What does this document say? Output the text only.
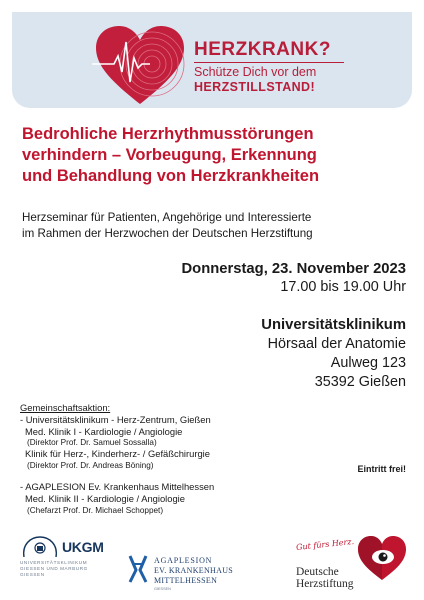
HERZKRANK?
Schütze Dich vor dem
HERZSTILLSTAND!
Bedrohliche Herzrhythmusstörungen
verhindern – Vorbeugung, Erkennung
und Behandlung von Herzkrankheiten
Herzseminar für Patienten, Angehörige und Interessierte
im Rahmen der Herzwochen der Deutschen Herzstiftung
Donnerstag, 23. November 2023
17.00 bis 19.00 Uhr
Universitätsklinikum
Hörsaal der Anatomie
Aulweg 123
35392 Gießen
Gemeinschaftsaktion:
- Universitätsklinikum - Herz-Zentrum, Gießen
Med. Klinik I - Kardiologie / Angiologie
(Direktor Prof. Dr. Samuel Sossalla)
Klinik für Herz-, Kinderherz- / Gefäßchirurgie
(Direktor Prof. Dr. Andreas Böning)
- AGAPLESION Ev. Krankenhaus Mittelhessen
Med. Klinik II - Kardiologie / Angiologie
(Chefarzt Prof. Dr. Michael Schoppet)
Eintritt frei!
UKGM
UNIVERSITÄTSKLINIKUM
GIESSEN UND MARBURG
GIESSEN
AGAPLESION
EV. KRANKENHAUS MITTELHESSEN
GIESSEN
Gut fürs Herz.
Deutsche
Herzstiftung
